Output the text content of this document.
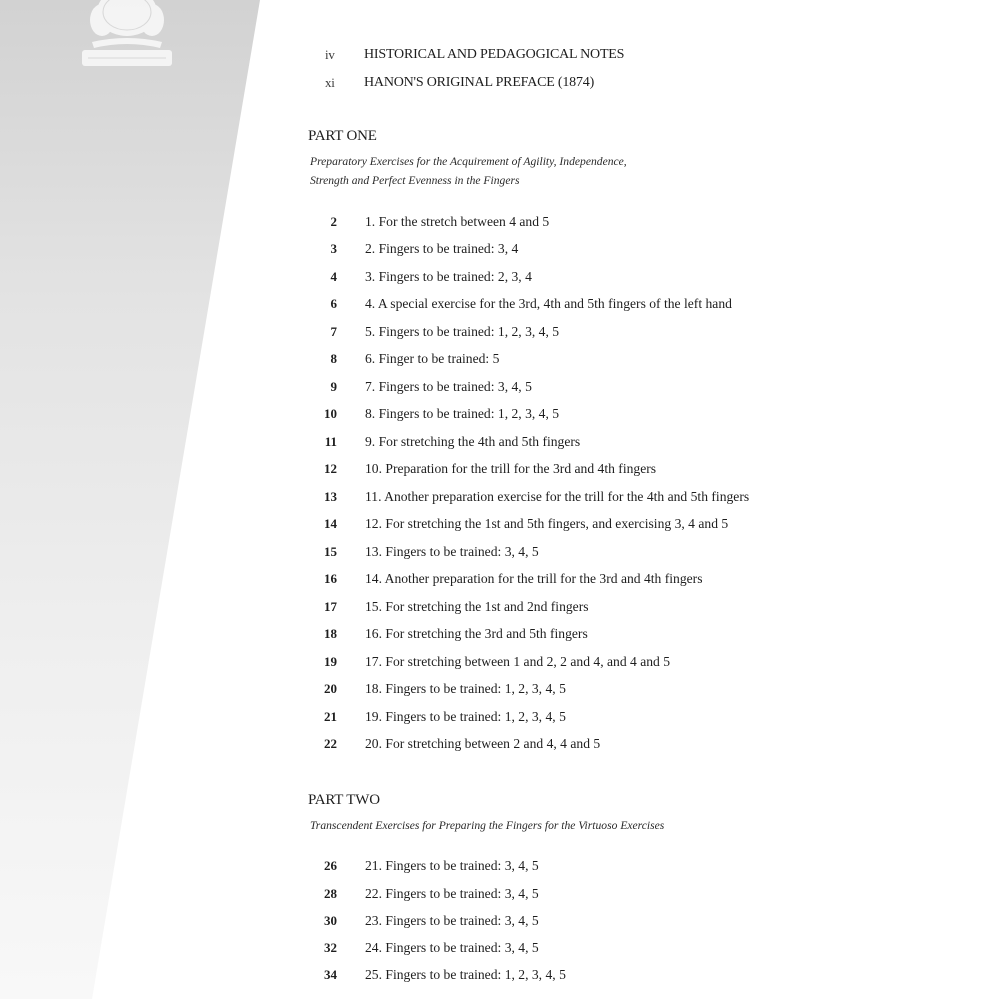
iv	HISTORICAL AND PEDAGOGICAL NOTES
xi	HANON'S ORIGINAL PREFACE (1874)
PART ONE
Preparatory Exercises for the Acquirement of Agility, Independence,
Strength and Perfect Evenness in the Fingers
2 1. For the stretch between 4 and 5
3 2. Fingers to be trained: 3, 4
4 3. Fingers to be trained: 2, 3, 4
6 4. A special exercise for the 3rd, 4th and 5th fingers of the left hand
7 5. Fingers to be trained: 1, 2, 3, 4, 5
8 6. Finger to be trained: 5
9 7. Fingers to be trained: 3, 4, 5
10 8. Fingers to be trained: 1, 2, 3, 4, 5
11 9. For stretching the 4th and 5th fingers
12 10. Preparation for the trill for the 3rd and 4th fingers
13 11. Another preparation exercise for the trill for the 4th and 5th fingers
14 12. For stretching the 1st and 5th fingers, and exercising 3, 4 and 5
15 13. Fingers to be trained: 3, 4, 5
16 14. Another preparation for the trill for the 3rd and 4th fingers
17 15. For stretching the 1st and 2nd fingers
18 16. For stretching the 3rd and 5th fingers
19 17. For stretching between 1 and 2, 2 and 4, and 4 and 5
20 18. Fingers to be trained: 1, 2, 3, 4, 5
21 19. Fingers to be trained: 1, 2, 3, 4, 5
22 20. For stretching between 2 and 4, 4 and 5
PART TWO
Transcendent Exercises for Preparing the Fingers for the Virtuoso Exercises
26 21. Fingers to be trained: 3, 4, 5
28 22. Fingers to be trained: 3, 4, 5
30 23. Fingers to be trained: 3, 4, 5
32 24. Fingers to be trained: 3, 4, 5
34 25. Fingers to be trained: 1, 2, 3, 4, 5
